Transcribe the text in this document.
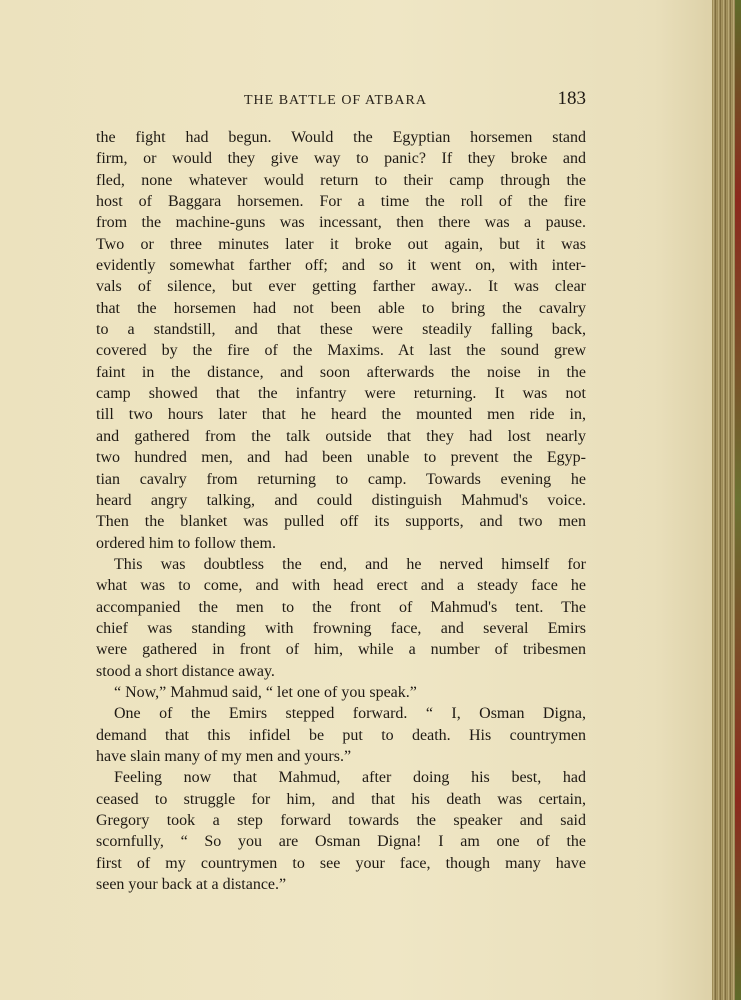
THE BATTLE OF ATBARA	183
the fight had begun. Would the Egyptian horsemen stand
firm, or would they give way to panic? If they broke and
fled, none whatever would return to their camp through the
host of Baggara horsemen. For a time the roll of the fire
from the machine-guns was incessant, then there was a pause.
Two or three minutes later it broke out again, but it was
evidently somewhat farther off; and so it went on, with inter-
vals of silence, but ever getting farther away.. It was clear
that the horsemen had not been able to bring the cavalry
to a standstill, and that these were steadily falling back,
covered by the fire of the Maxims. At last the sound grew
faint in the distance, and soon afterwards the noise in the
camp showed that the infantry were returning. It was not
till two hours later that he heard the mounted men ride in,
and gathered from the talk outside that they had lost nearly
two hundred men, and had been unable to prevent the Egyp-
tian cavalry from returning to camp. Towards evening he
heard angry talking, and could distinguish Mahmud's voice.
Then the blanket was pulled off its supports, and two men
ordered him to follow them.
This was doubtless the end, and he nerved himself for
what was to come, and with head erect and a steady face he
accompanied the men to the front of Mahmud's tent. The
chief was standing with frowning face, and several Emirs
were gathered in front of him, while a number of tribesmen
stood a short distance away.
“ Now,” Mahmud said, “ let one of you speak.”
One of the Emirs stepped forward. “ I, Osman Digna,
demand that this infidel be put to death. His countrymen
have slain many of my men and yours.”
Feeling now that Mahmud, after doing his best, had
ceased to struggle for him, and that his death was certain,
Gregory took a step forward towards the speaker and said
scornfully, “ So you are Osman Digna! I am one of the
first of my countrymen to see your face, though many have
seen your back at a distance.”
